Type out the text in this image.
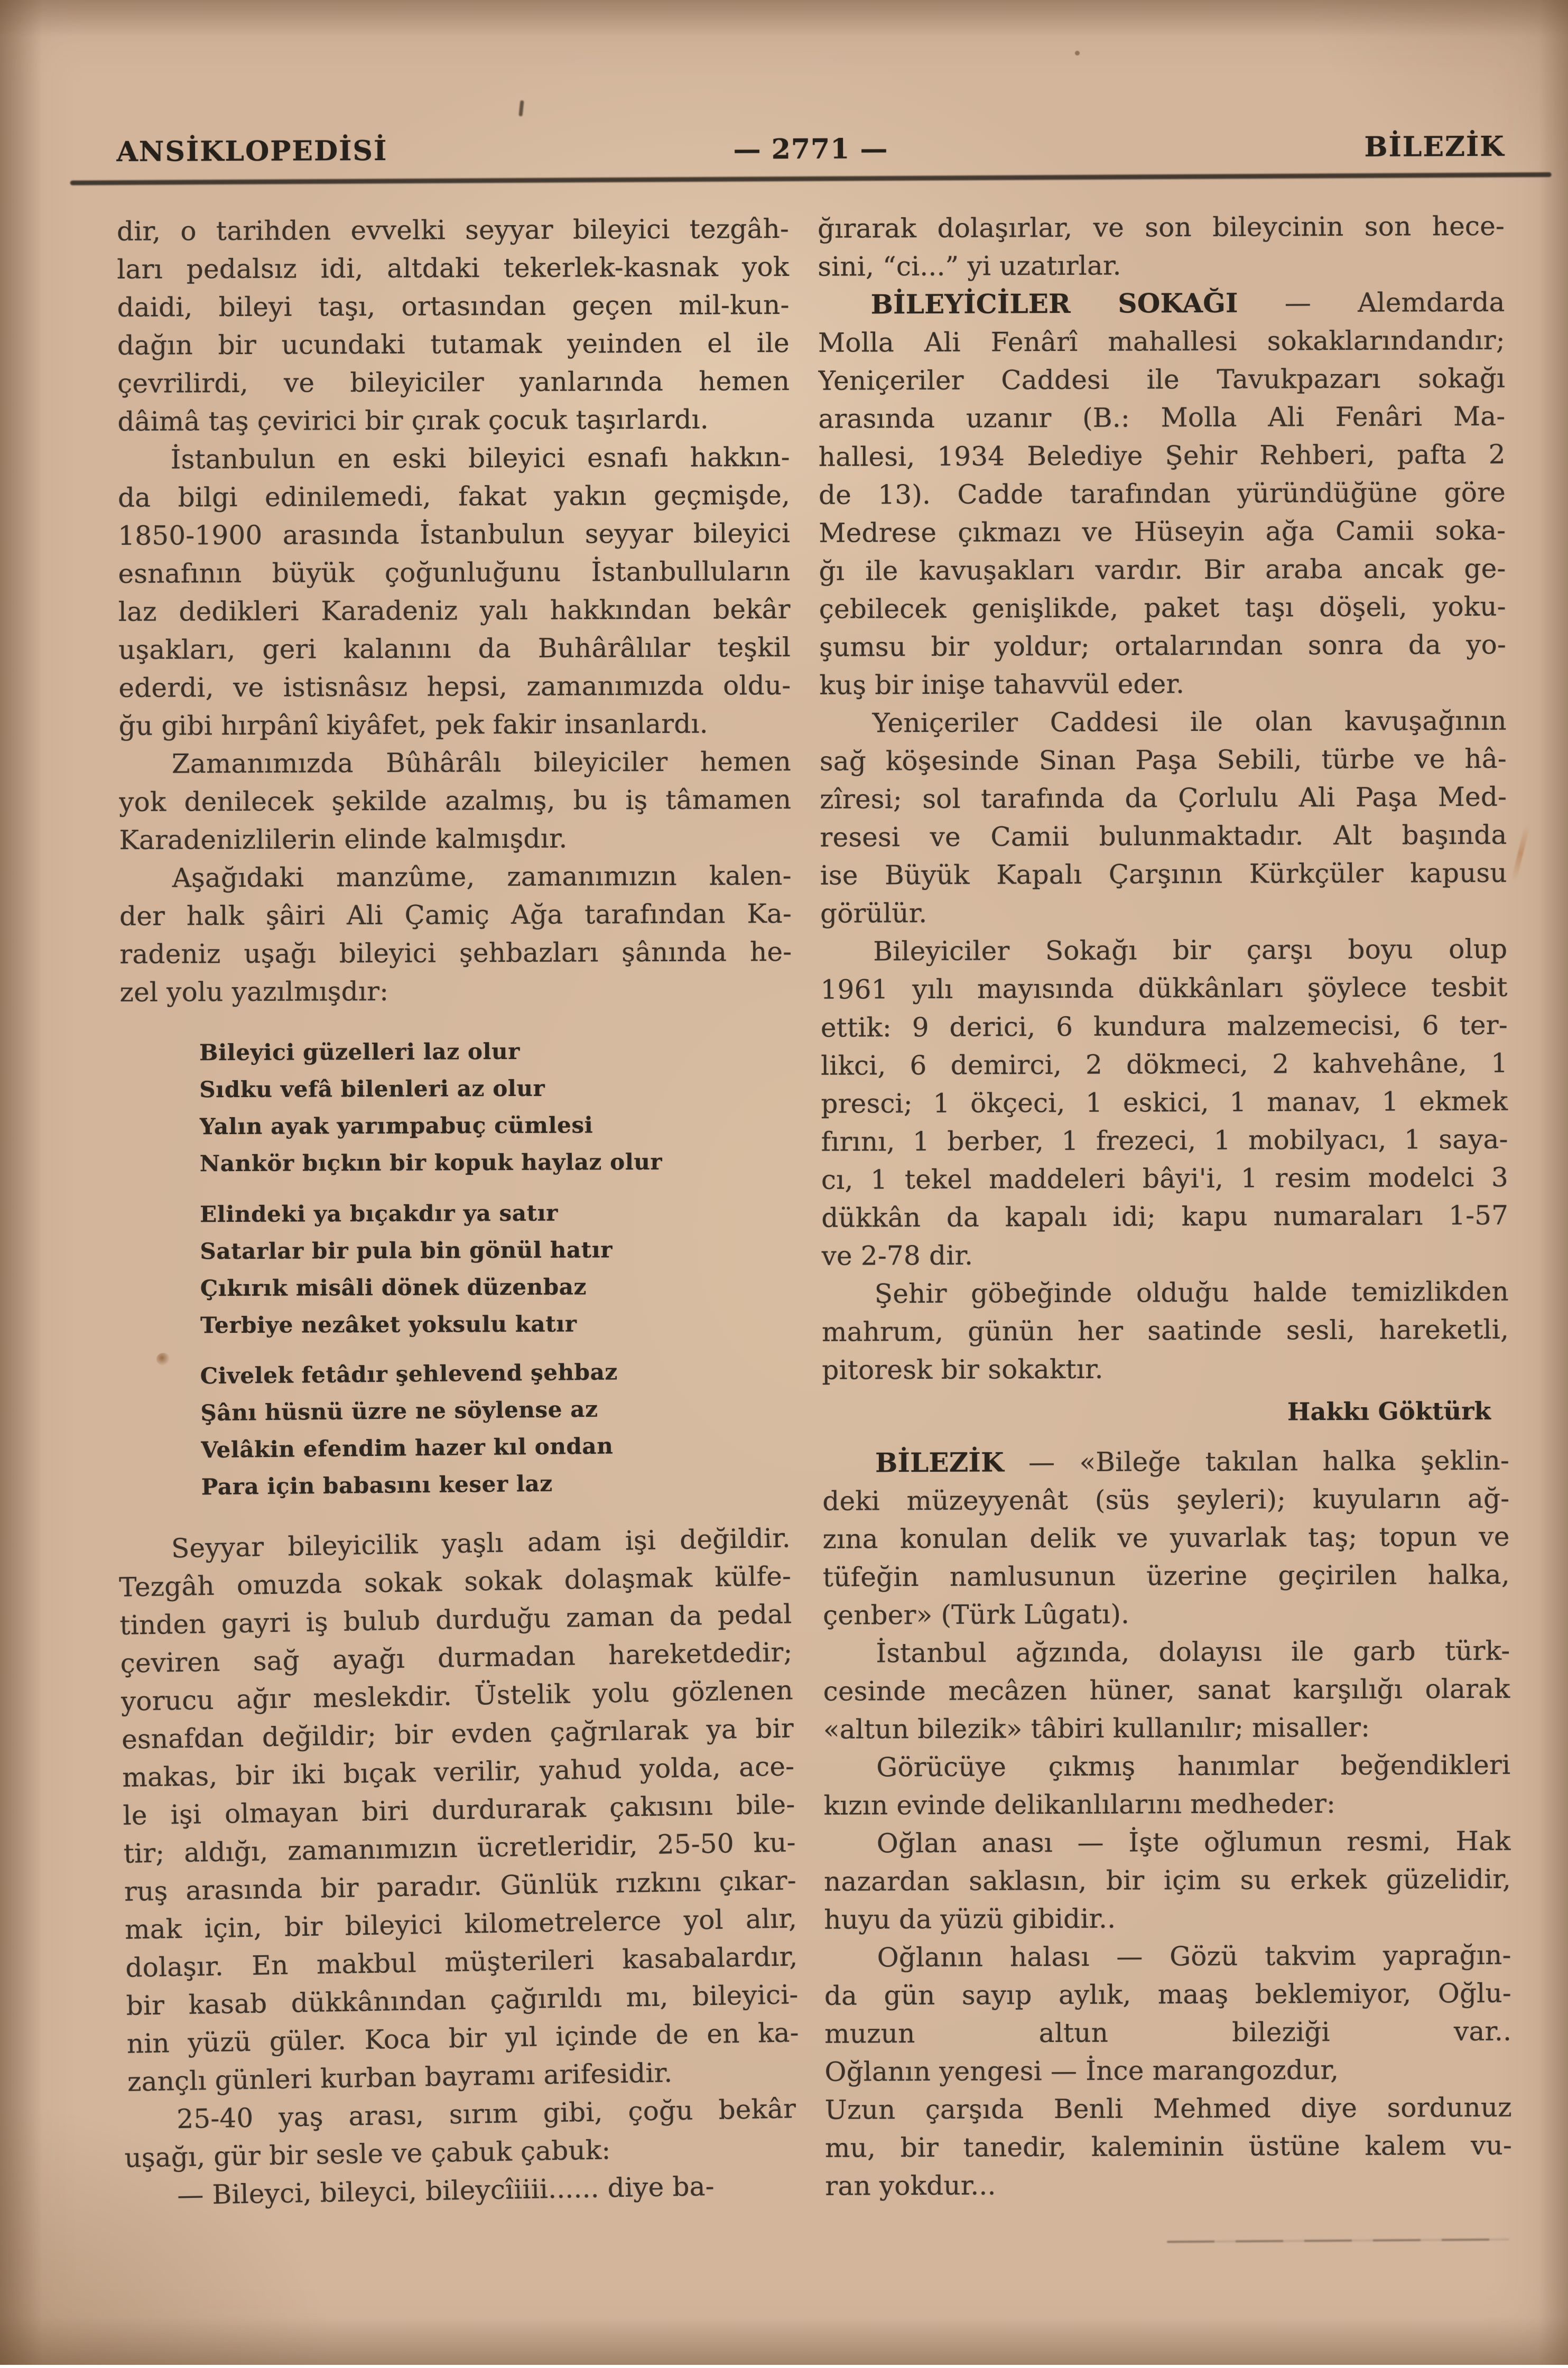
ANSİKLOPEDİSİ	— 2771 —	BİLEZİK
dir, o tarihden evvelki seyyar bileyici tezgâh-
ları pedalsız idi, altdaki tekerlek-kasnak yok
daidi, bileyi taşı, ortasından geçen mil-kun-
dağın bir ucundaki tutamak yeıinden el ile
çevrilirdi, ve bileyiciler yanlarında hemen
dâimâ taş çevirici bir çırak çocuk taşırlardı.
İstanbulun en eski bileyici esnafı hakkın-
da bilgi edinilemedi, fakat yakın geçmişde,
1850-1900 arasında İstanbulun seyyar bileyici
esnafının büyük çoğunluğunu İstanbulluların
laz dedikleri Karadeniz yalı hakkından bekâr
uşakları, geri kalanını da Buhârâlılar teşkil
ederdi, ve istisnâsız hepsi, zamanımızda oldu-
ğu gibi hırpânî kiyâfet, pek fakir insanlardı.
Zamanımızda Bûhârâlı bileyiciler hemen
yok denilecek şekilde azalmış, bu iş tâmamen
Karadenizlilerin elinde kalmışdır.
Aşağıdaki manzûme, zamanımızın kalen-
der halk şâiri Ali Çamiç Ağa tarafından Ka-
radeniz uşağı bileyici şehbazları şânında he-
zel yolu yazılmışdır:
Bileyici güzelleri laz olur
Sıdku vefâ bilenleri az olur
Yalın ayak yarımpabuç cümlesi
Nankör bıçkın bir kopuk haylaz olur
Elindeki ya bıçakdır ya satır
Satarlar bir pula bin gönül hatır
Çıkırık misâli dönek düzenbaz
Terbiye nezâket yoksulu katır
Civelek fetâdır şehlevend şehbaz
Şânı hüsnü üzre ne söylense az
Velâkin efendim hazer kıl ondan
Para için babasını keser laz
Seyyar bileyicilik yaşlı adam işi değildir.
Tezgâh omuzda sokak sokak dolaşmak külfe-
tinden gayri iş bulub durduğu zaman da pedal
çeviren sağ ayağı durmadan hareketdedir;
yorucu ağır meslekdir. Üstelik yolu gözlenen
esnafdan değildir; bir evden çağrılarak ya bir
makas, bir iki bıçak verilir, yahud yolda, ace-
le işi olmayan biri durdurarak çakısını bile-
tir; aldığı, zamanımızın ücretleridir, 25-50 ku-
ruş arasında bir paradır. Günlük rızkını çıkar-
mak için, bir bileyici kilometrelerce yol alır,
dolaşır. En makbul müşterileri kasabalardır,
bir kasab dükkânından çağırıldı mı, bileyici-
nin yüzü güler. Koca bir yıl içinde de en ka-
zançlı günleri kurban bayramı arifesidir.
25-40 yaş arası, sırım gibi, çoğu bekâr
uşağı, gür bir sesle ve çabuk çabuk:
— Bileyci, bileyci, bileycîiiii...... diye ba-
ğırarak dolaşırlar, ve son bileycinin son hece-
sini, “ci...” yi uzatırlar.
BİLEYİCİLER SOKAĞI — Alemdarda
Molla Ali Fenârî mahallesi sokaklarındandır;
Yeniçeriler Caddesi ile Tavukpazarı sokağı
arasında uzanır (B.: Molla Ali Fenâri Ma-
hallesi, 1934 Belediye Şehir Rehberi, pafta 2
de 13). Cadde tarafından yüründüğüne göre
Medrese çıkmazı ve Hüseyin ağa Camii soka-
ğı ile kavuşakları vardır. Bir araba ancak ge-
çebilecek genişlikde, paket taşı döşeli, yoku-
şumsu bir yoldur; ortalarından sonra da yo-
kuş bir inişe tahavvül eder.
Yeniçeriler Caddesi ile olan kavuşağının
sağ köşesinde Sinan Paşa Sebili, türbe ve hâ-
zîresi; sol tarafında da Çorlulu Ali Paşa Med-
resesi ve Camii bulunmaktadır. Alt başında
ise Büyük Kapalı Çarşının Kürkçüler kapusu
görülür.
Bileyiciler Sokağı bir çarşı boyu olup
1961 yılı mayısında dükkânları şöylece tesbit
ettik: 9 derici, 6 kundura malzemecisi, 6 ter-
likci, 6 demirci, 2 dökmeci, 2 kahvehâne, 1
presci; 1 ökçeci, 1 eskici, 1 manav, 1 ekmek
fırını, 1 berber, 1 frezeci, 1 mobilyacı, 1 saya-
cı, 1 tekel maddeleri bâyi'i, 1 resim modelci 3
dükkân da kapalı idi; kapu numaraları 1-57
ve 2-78 dir.
Şehir göbeğinde olduğu halde temizlikden
mahrum, günün her saatinde sesli, hareketli,
pitoresk bir sokaktır.
Hakkı Göktürk
BİLEZİK — «Bileğe takılan halka şeklin-
deki müzeyyenât (süs şeyleri); kuyuların ağ-
zına konulan delik ve yuvarlak taş; topun ve
tüfeğin namlusunun üzerine geçirilen halka,
çenber» (Türk Lûgatı).
İstanbul ağzında, dolayısı ile garb türk-
cesinde mecâzen hüner, sanat karşılığı olarak
«altun bilezik» tâbiri kullanılır; misaller:
Görücüye çıkmış hanımlar beğendikleri
kızın evinde delikanlılarını medheder:
Oğlan anası — İşte oğlumun resmi, Hak
nazardan saklasın, bir içim su erkek güzelidir,
huyu da yüzü gibidir..
Oğlanın halası — Gözü takvim yaprağın-
da gün sayıp aylık, maaş beklemiyor, Oğlu-
muzun altun bileziği var..
Oğlanın yengesi — İnce marangozdur,
Uzun çarşıda Benli Mehmed diye sordunuz
mu, bir tanedir, kaleminin üstüne kalem vu-
ran yokdur...
